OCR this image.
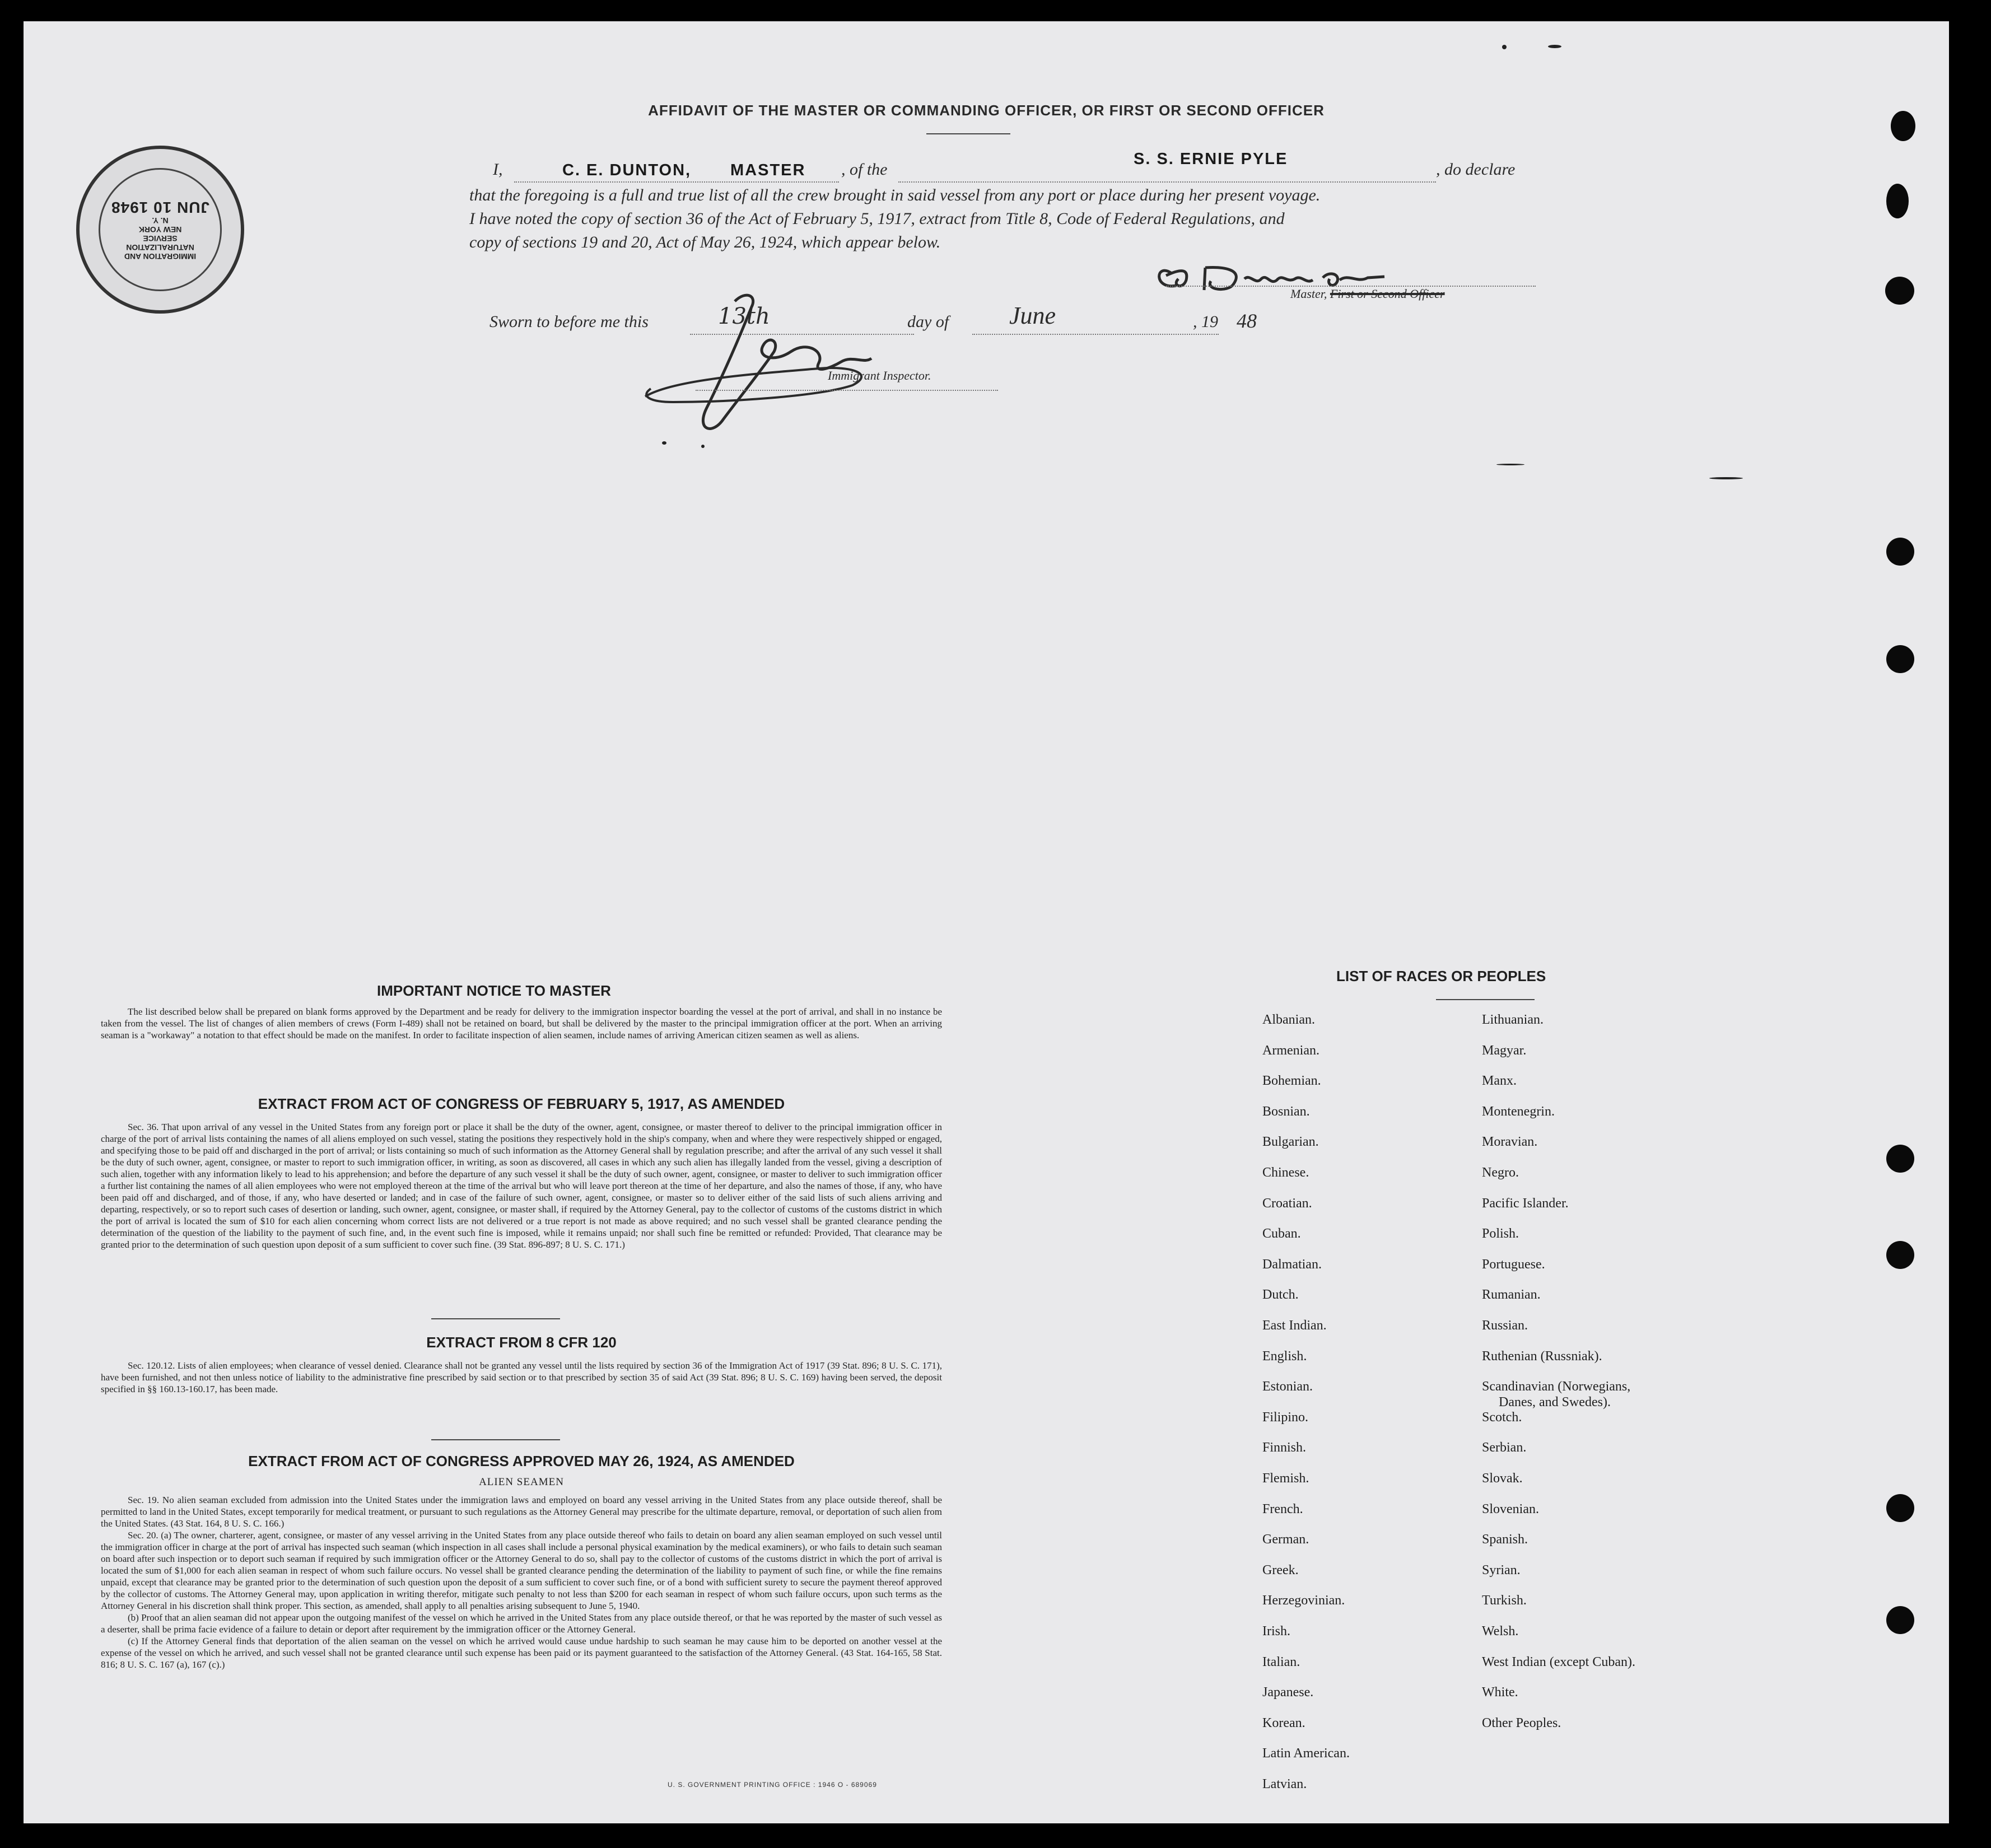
IMMIGRATION AND
NATURALIZATION
SERVICE
NEW YORK
N. Y.
JUN 10 1948
AFFIDAVIT OF THE MASTER OR COMMANDING OFFICER, OR FIRST OR SECOND OFFICER
I,	C. E. DUNTON, MASTER , of the
S. S. ERNIE PYLE
, do declare
that the foregoing is a full and true list of all the crew brought in said vessel from any port or place during her present voyage.
I have noted the copy of section 36 of the Act of February 5, 1917, extract from Title 8, Code of Federal Regulations, and
copy of sections 19 and 20, Act of May 26, 1924, which appear below.
Master, First or Second Officer
Sworn to before me this	13th	day of June	, 19 48
Immigrant Inspector.
IMPORTANT NOTICE TO MASTER

The list described below shall be prepared on blank forms approved by the Department and be ready for delivery to the immigration inspector boarding the vessel at the port of arrival, and shall in no instance be taken from the vessel. The list of changes of alien members of crews (Form I-489) shall not be retained on board, but shall be delivered by the master to the principal immigration officer at the port. When an arriving seaman is a "workaway" a notation to that effect should be made on the manifest. In order to facilitate inspection of alien seamen, include names of arriving American citizen seamen as well as aliens.

EXTRACT FROM ACT OF CONGRESS OF FEBRUARY 5, 1917, AS AMENDED

Sec. 36. That upon arrival of any vessel in the United States from any foreign port or place it shall be the duty of the owner, agent, consignee, or master thereof to deliver to the principal immigration officer in charge of the port of arrival lists containing the names of all aliens employed on such vessel, stating the positions they respectively hold in the ship's company, when and where they were respectively shipped or engaged, and specifying those to be paid off and discharged in the port of arrival; or lists containing so much of such information as the Attorney General shall by regulation prescribe; and after the arrival of any such vessel it shall be the duty of such owner, agent, consignee, or master to report to such immigration officer, in writing, as soon as discovered, all cases in which any such alien has illegally landed from the vessel, giving a description of such alien, together with any information likely to lead to his apprehension; and before the departure of any such vessel it shall be the duty of such owner, agent, consignee, or master to deliver to such immigration officer a further list containing the names of all alien employees who were not employed thereon at the time of the arrival but who will leave port thereon at the time of her departure, and also the names of those, if any, who have been paid off and discharged, and of those, if any, who have deserted or landed; and in case of the failure of such owner, agent, consignee, or master so to deliver either of the said lists of such aliens arriving and departing, respectively, or so to report such cases of desertion or landing, such owner, agent, consignee, or master shall, if required by the Attorney General, pay to the collector of customs of the customs district in which the port of arrival is located the sum of $10 for each alien concerning whom correct lists are not delivered or a true report is not made as above required; and no such vessel shall be granted clearance pending the determination of the question of the liability to the payment of such fine, and, in the event such fine is imposed, while it remains unpaid; nor shall such fine be remitted or refunded: Provided, That clearance may be granted prior to the determination of such question upon deposit of a sum sufficient to cover such fine. (39 Stat. 896-897; 8 U. S. C. 171.)

EXTRACT FROM 8 CFR 120

Sec. 120.12. Lists of alien employees; when clearance of vessel denied. Clearance shall not be granted any vessel until the lists required by section 36 of the Immigration Act of 1917 (39 Stat. 896; 8 U. S. C. 171), have been furnished, and not then unless notice of liability to the administrative fine prescribed by said section or to that prescribed by section 35 of said Act (39 Stat. 896; 8 U. S. C. 169) having been served, the deposit specified in §§ 160.13-160.17, has been made.

EXTRACT FROM ACT OF CONGRESS APPROVED MAY 26, 1924, AS AMENDED
ALIEN SEAMEN

Sec. 19. No alien seaman excluded from admission into the United States under the immigration laws and employed on board any vessel arriving in the United States from any place outside thereof, shall be permitted to land in the United States, except temporarily for medical treatment, or pursuant to such regulations as the Attorney General may prescribe for the ultimate departure, removal, or deportation of such alien from the United States. (43 Stat. 164, 8 U. S. C. 166.)

Sec. 20. (a) The owner, charterer, agent, consignee, or master of any vessel arriving in the United States from any place outside thereof who fails to detain on board any alien seaman employed on such vessel until the immigration officer in charge at the port of arrival has inspected such seaman (which inspection in all cases shall include a personal physical examination by the medical examiners), or who fails to detain such seaman on board after such inspection or to deport such seaman if required by such immigration officer or the Attorney General to do so, shall pay to the collector of customs of the customs district in which the port of arrival is located the sum of $1,000 for each alien seaman in respect of whom such failure occurs. No vessel shall be granted clearance pending the determination of the liability to payment of such fine, or while the fine remains unpaid, except that clearance may be granted prior to the determination of such question upon the deposit of a sum sufficient to cover such fine, or of a bond with sufficient surety to secure the payment thereof approved by the collector of customs. The Attorney General may, upon application in writing therefor, mitigate such penalty to not less than $200 for each seaman in respect of whom such failure occurs, upon such terms as the Attorney General in his discretion shall think proper. This section, as amended, shall apply to all penalties arising subsequent to June 5, 1940.

(b) Proof that an alien seaman did not appear upon the outgoing manifest of the vessel on which he arrived in the United States from any place outside thereof, or that he was reported by the master of such vessel as a deserter, shall be prima facie evidence of a failure to detain or deport after requirement by the immigration officer or the Attorney General.

(c) If the Attorney General finds that deportation of the alien seaman on the vessel on which he arrived would cause undue hardship to such seaman he may cause him to be deported on another vessel at the expense of the vessel on which he arrived, and such vessel shall not be granted clearance until such expense has been paid or its payment guaranteed to the satisfaction of the Attorney General. (43 Stat. 164-165, 58 Stat. 816; 8 U. S. C. 167 (a), 167 (c).)

U. S. GOVERNMENT PRINTING OFFICE : 1946 O - 689069
LIST OF RACES OR PEOPLES
Albanian.
Armenian.
Bohemian.
Bosnian.
Bulgarian.
Chinese.
Croatian.
Cuban.
Dalmatian.
Dutch.
East Indian.
English.
Estonian.
Filipino.
Finnish.
Flemish.
French.
German.
Greek.
Herzegovinian.
Irish.
Italian.
Japanese.
Korean.
Latin American.
Latvian.
Lithuanian.
Magyar.
Manx.
Montenegrin.
Moravian.
Negro.
Pacific Islander.
Polish.
Portuguese.
Rumanian.
Russian.
Ruthenian (Russniak).
Scandinavian (Norwegians,
Danes, and Swedes).
Scotch.
Serbian.
Slovak.
Slovenian.
Spanish.
Syrian.
Turkish.
Welsh.
West Indian (except Cuban).
White.
Other Peoples.
